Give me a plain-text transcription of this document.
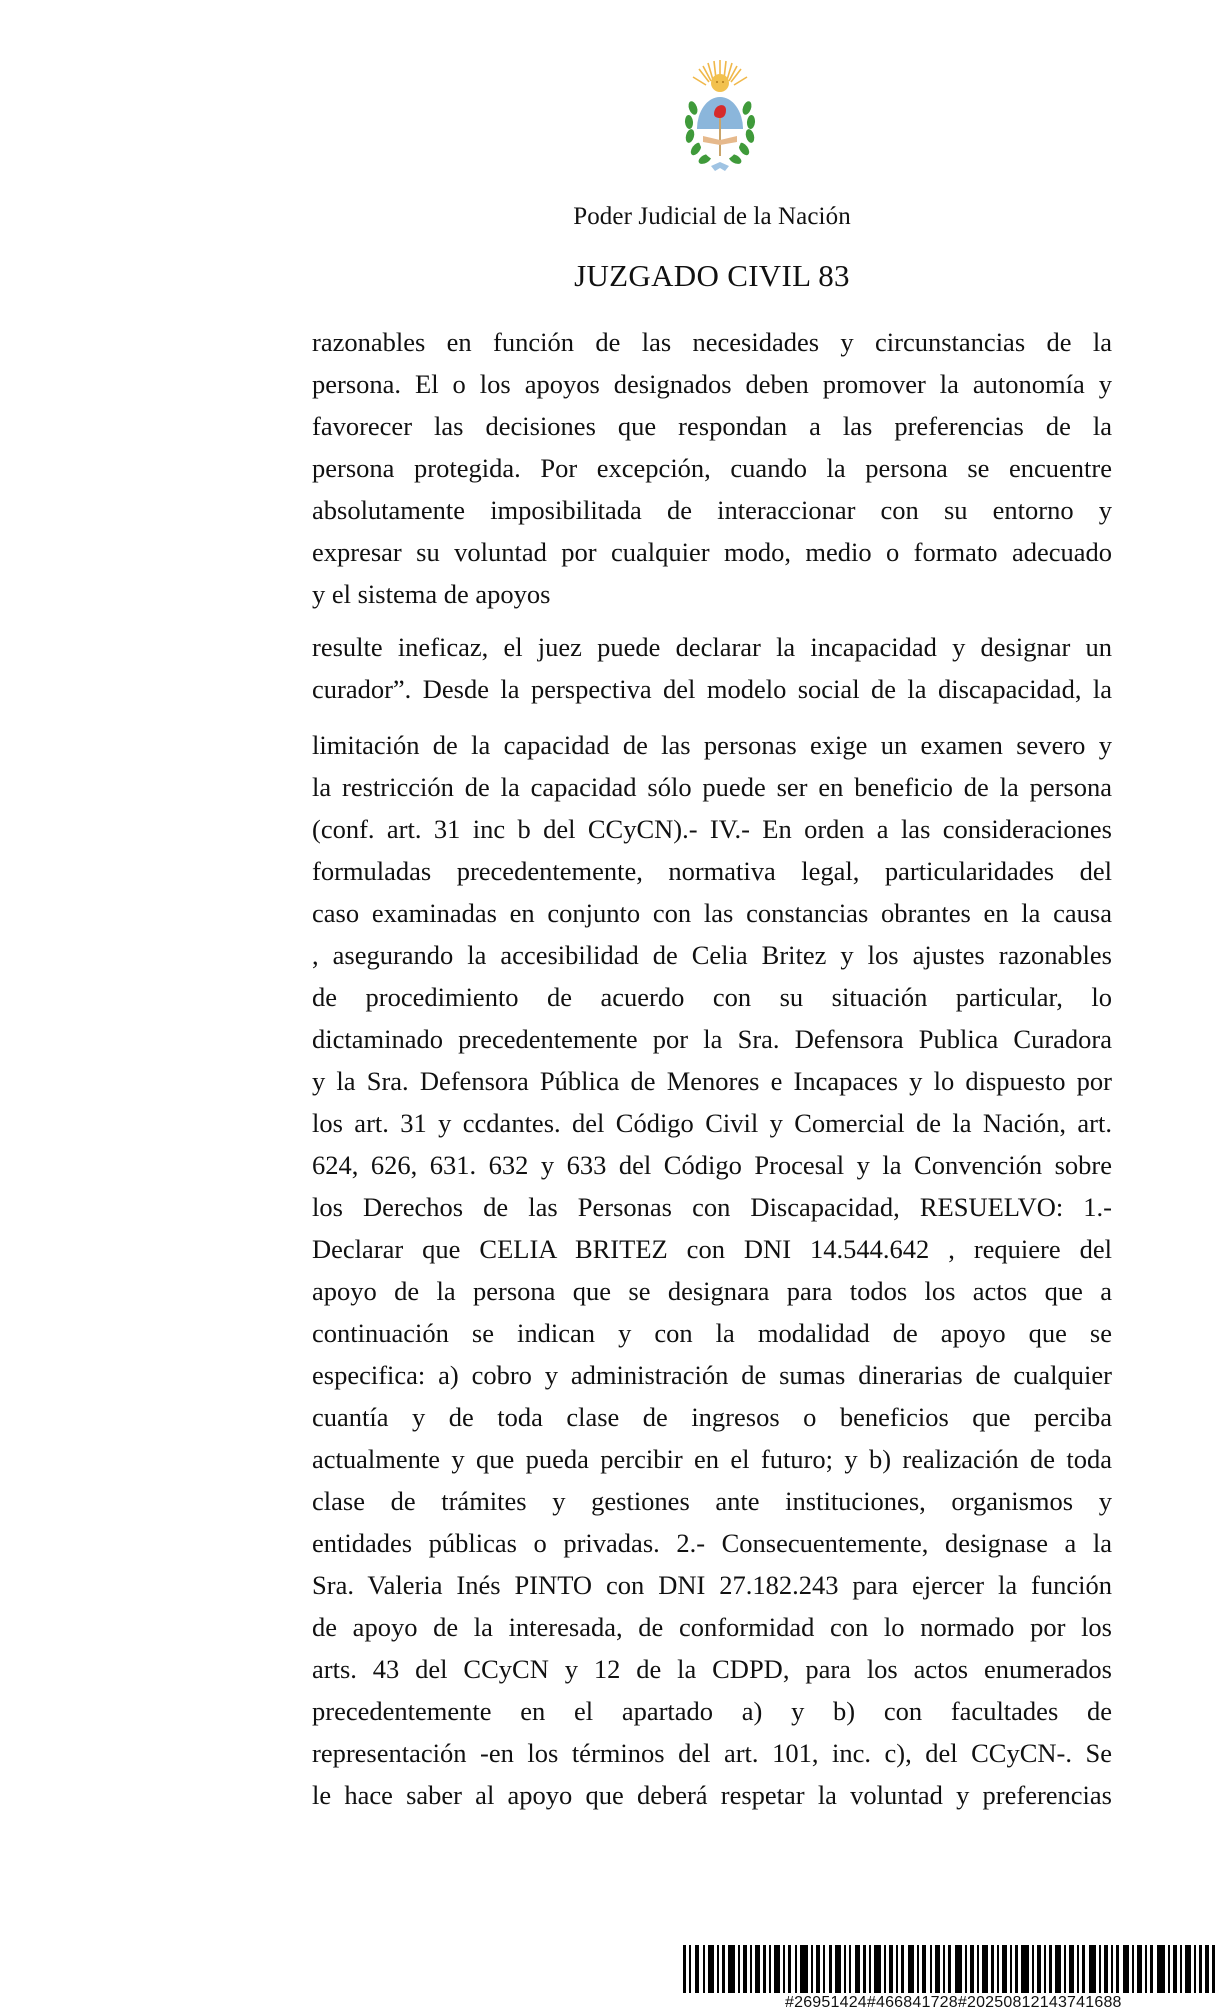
Poder Judicial de la Nación
JUZGADO CIVIL 83
razonables en función de las necesidades y circunstancias de la
persona. El o los apoyos designados deben promover la autonomía y
favorecer las decisiones que respondan a las preferencias de la
persona protegida. Por excepción, cuando la persona se encuentre
absolutamente imposibilitada de interaccionar con su entorno y
expresar su voluntad por cualquier modo, medio o formato adecuado
y el sistema de apoyos
resulte ineficaz, el juez puede declarar la incapacidad y designar un
curador”. Desde la perspectiva del modelo social de la discapacidad, la
limitación de la capacidad de las personas exige un examen severo y
la restricción de la capacidad sólo puede ser en beneficio de la persona
(conf. art. 31 inc b del CCyCN).- IV.- En orden a las consideraciones
formuladas precedentemente, normativa legal, particularidades del
caso examinadas en conjunto con las constancias obrantes en la causa
, asegurando la accesibilidad de Celia Britez y los ajustes razonables
de procedimiento de acuerdo con su situación particular, lo
dictaminado precedentemente por la Sra. Defensora Publica Curadora
y la Sra. Defensora Pública de Menores e Incapaces y lo dispuesto por
los art. 31 y ccdantes. del Código Civil y Comercial de la Nación, art.
624, 626, 631. 632 y 633 del Código Procesal y la Convención sobre
los Derechos de las Personas con Discapacidad, RESUELVO: 1.-
Declarar que CELIA BRITEZ con DNI 14.544.642 , requiere del
apoyo de la persona que se designara para todos los actos que a
continuación se indican y con la modalidad de apoyo que se
especifica: a) cobro y administración de sumas dinerarias de cualquier
cuantía y de toda clase de ingresos o beneficios que perciba
actualmente y que pueda percibir en el futuro; y b) realización de toda
clase de trámites y gestiones ante instituciones, organismos y
entidades públicas o privadas. 2.- Consecuentemente, designase a la
Sra. Valeria Inés PINTO con DNI 27.182.243 para ejercer la función
de apoyo de la interesada, de conformidad con lo normado por los
arts. 43 del CCyCN y 12 de la CDPD, para los actos enumerados
precedentemente en el apartado a) y b) con facultades de
representación -en los términos del art. 101, inc. c), del CCyCN-. Se
le hace saber al apoyo que deberá respetar la voluntad y preferencias
#26951424#466841728#20250812143741688
